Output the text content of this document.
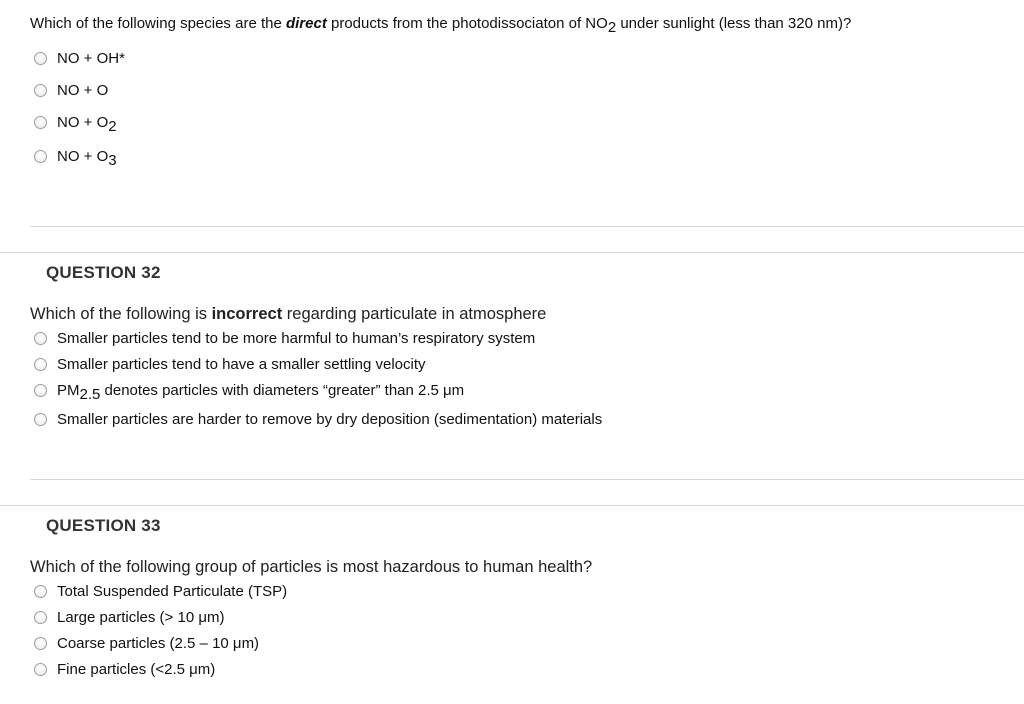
Which of the following species are the direct products from the photodissociaton of $NO_2$ under sunlight (less than 320 nm)?
NO + OH*
NO + O
NO + $O_2$
NO + $O_3$
QUESTION 32
Which of the following is incorrect regarding particulate in atmosphere
Smaller particles tend to be more harmful to human’s respiratory system
Smaller particles tend to have a smaller settling velocity
$PM_{2.5}$ denotes particles with diameters “greater” than 2.5 μm
Smaller particles are harder to remove by dry deposition (sedimentation) materials
QUESTION 33
Which of the following group of particles is most hazardous to human health?
Total Suspended Particulate (TSP)
Large particles (> 10 μm)
Coarse particles (2.5 – 10 μm)
Fine particles (<2.5 μm)
